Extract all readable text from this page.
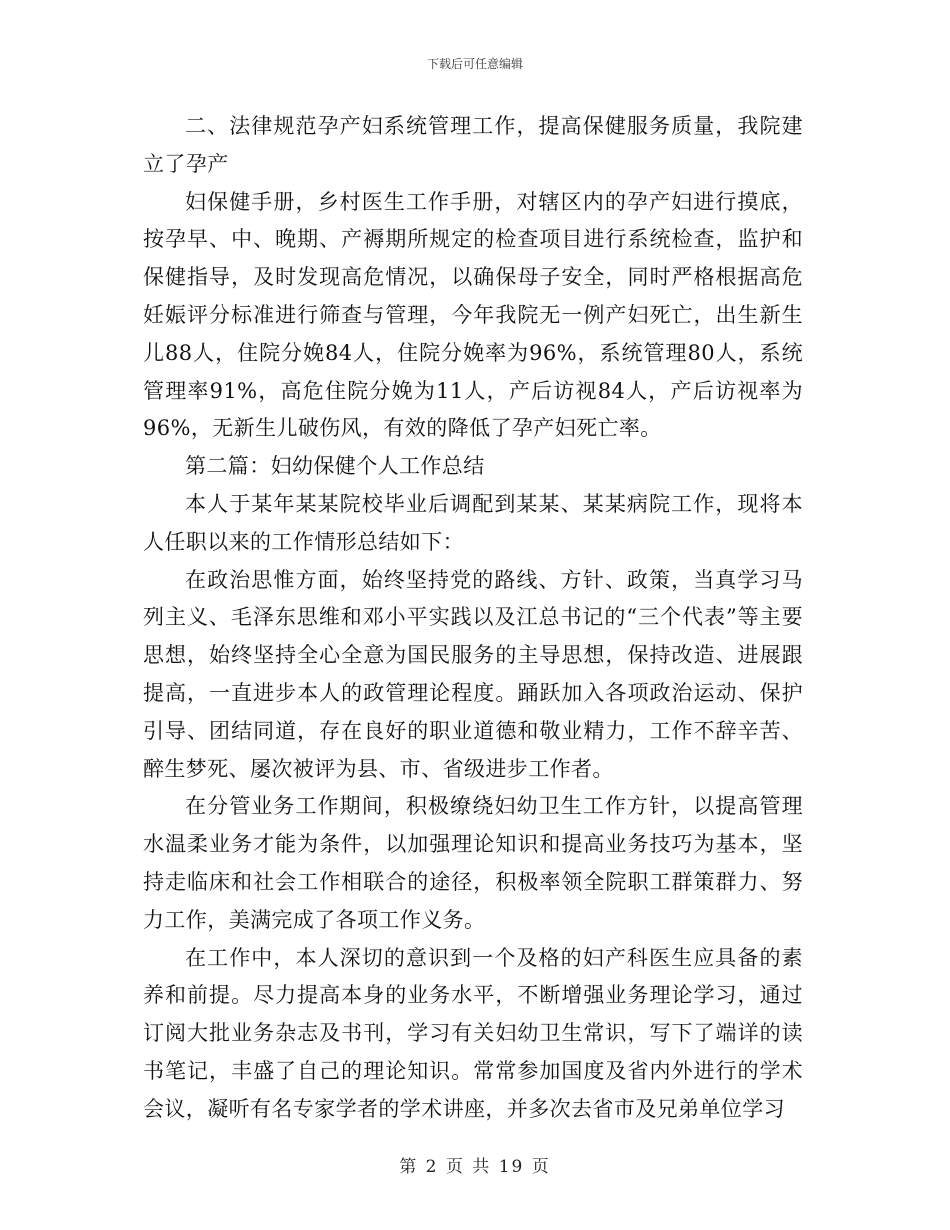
下载后可任意编辑

二、法律规范孕产妇系统管理工作，提高保健服务质量，我院建立了孕产

妇保健手册，乡村医生工作手册，对辖区内的孕产妇进行摸底，按孕早、中、晚期、产褥期所规定的检查项目进行系统检查，监护和保健指导，及时发现高危情况，以确保母子安全，同时严格根据高危妊娠评分标准进行筛查与管理，今年我院无一例产妇死亡，出生新生儿88人，住院分娩84人，住院分娩率为96%，系统管理80人，系统管理率91%，高危住院分娩为11人，产后访视84人，产后访视率为96%，无新生儿破伤风，有效的降低了孕产妇死亡率。

第二篇：妇幼保健个人工作总结

本人于某年某某院校毕业后调配到某某、某某病院工作，现将本人任职以来的工作情形总结如下：

在政治思惟方面，始终坚持党的路线、方针、政策，当真学习马列主义、毛泽东思维和邓小平实践以及江总书记的“三个代表”等主要思想，始终坚持全心全意为国民服务的主导思想，保持改造、进展跟提高，一直进步本人的政管理论程度。踊跃加入各项政治运动、保护引导、团结同道，存在良好的职业道德和敬业精力，工作不辞辛苦、醉生梦死、屡次被评为县、市、省级进步工作者。

在分管业务工作期间，积极缭绕妇幼卫生工作方针，以提高管理水温柔业务才能为条件，以加强理论知识和提高业务技巧为基本，坚持走临床和社会工作相联合的途径，积极率领全院职工群策群力、努力工作，美满完成了各项工作义务。

在工作中，本人深切的意识到一个及格的妇产科医生应具备的素养和前提。尽力提高本身的业务水平，不断增强业务理论学习，通过订阅大批业务杂志及书刊，学习有关妇幼卫生常识，写下了端详的读书笔记，丰盛了自己的理论知识。常常参加国度及省内外进行的学术会议，凝听有名专家学者的学术讲座，并多次去省市及兄弟单位学习

第 2 页 共 19 页
